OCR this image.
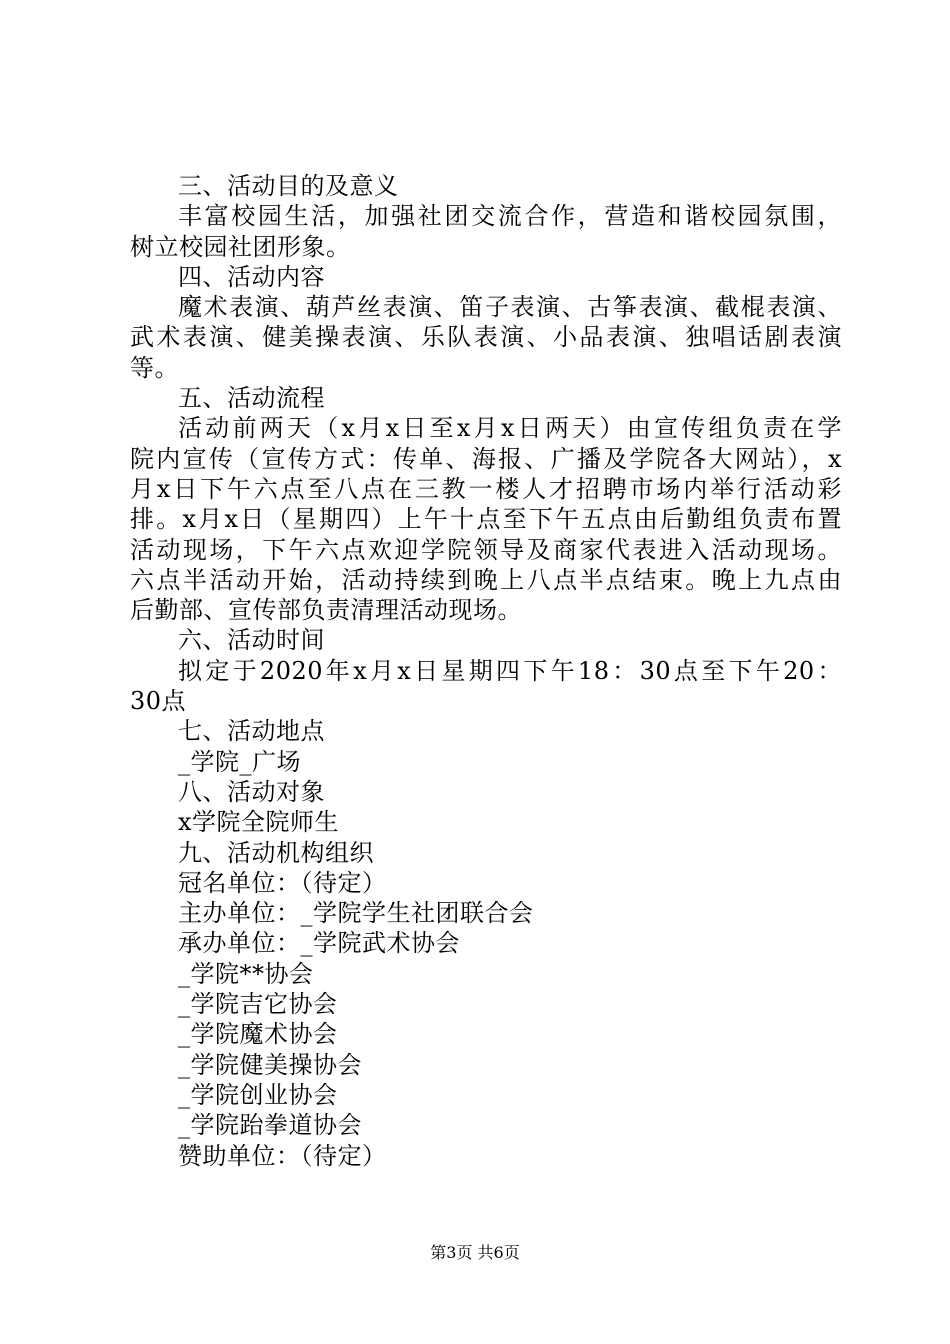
三、活动目的及意义
丰富校园生活，加强社团交流合作，营造和谐校园氛围，
树立校园社团形象。
四、活动内容
魔术表演、葫芦丝表演、笛子表演、古筝表演、截棍表演、
武术表演、健美操表演、乐队表演、小品表演、独唱话剧表演
等。
五、活动流程
活动前两天（x月x日至x月x日两天）由宣传组负责在学
院内宣传（宣传方式：传单、海报、广播及学院各大网站），x
月x日下午六点至八点在三教一楼人才招聘市场内举行活动彩
排。x月x日（星期四）上午十点至下午五点由后勤组负责布置
活动现场，下午六点欢迎学院领导及商家代表进入活动现场。
六点半活动开始，活动持续到晚上八点半点结束。晚上九点由
后勤部、宣传部负责清理活动现场。
六、活动时间
拟定于2020年x月x日星期四下午18：30点至下午20：
30点
七、活动地点
_学院_广场
八、活动对象
x学院全院师生
九、活动机构组织
冠名单位：（待定）
主办单位：_学院学生社团联合会
承办单位：_学院武术协会
_学院**协会
_学院吉它协会
_学院魔术协会
_学院健美操协会
_学院创业协会
_学院跆拳道协会
赞助单位：（待定）
第3页 共6页
